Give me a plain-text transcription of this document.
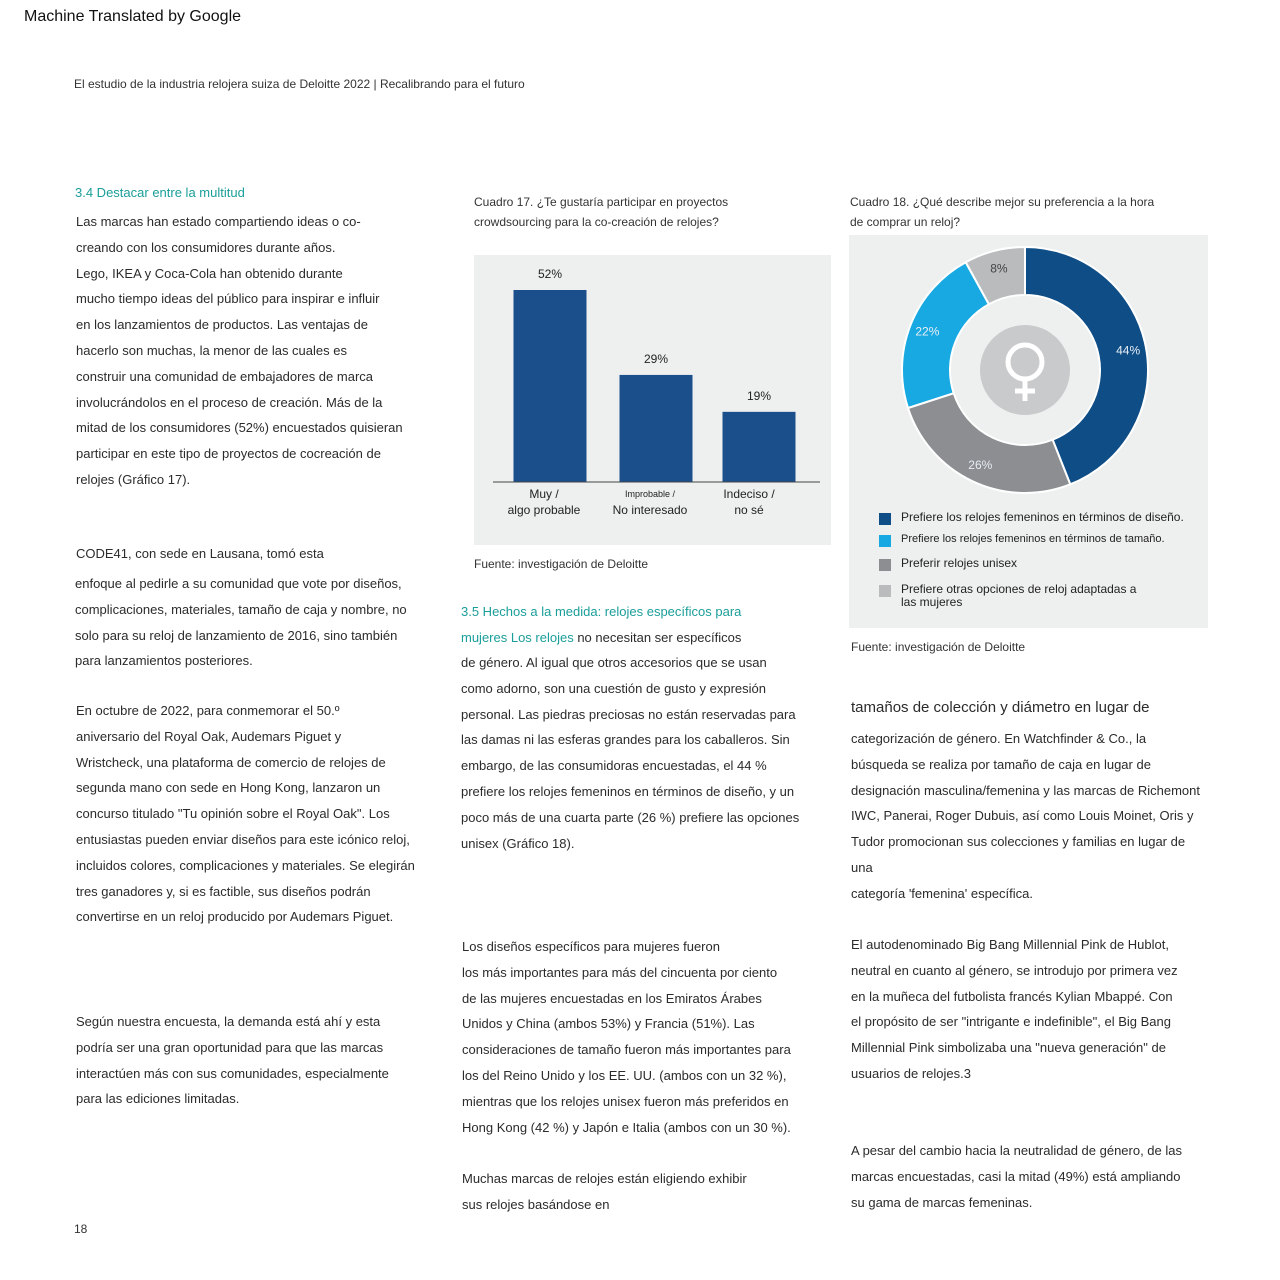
Machine Translated by Google
El estudio de la industria relojera suiza de Deloitte 2022 | Recalibrando para el futuro
3.4 Destacar entre la multitud
Las marcas han estado compartiendo ideas o co-
creando con los consumidores durante años.
Lego, IKEA y Coca-Cola han obtenido durante
mucho tiempo ideas del público para inspirar e influir
en los lanzamientos de productos. Las ventajas de
hacerlo son muchas, la menor de las cuales es
construir una comunidad de embajadores de marca
involucrándolos en el proceso de creación. Más de la
mitad de los consumidores (52%) encuestados quisieran
participar en este tipo de proyectos de cocreación de
relojes (Gráfico 17).
CODE41, con sede en Lausana, tomó esta
enfoque al pedirle a su comunidad que vote por diseños,
complicaciones, materiales, tamaño de caja y nombre, no
solo para su reloj de lanzamiento de 2016, sino también
para lanzamientos posteriores.
En octubre de 2022, para conmemorar el 50.º
aniversario del Royal Oak, Audemars Piguet y
Wristcheck, una plataforma de comercio de relojes de
segunda mano con sede en Hong Kong, lanzaron un
concurso titulado "Tu opinión sobre el Royal Oak". Los
entusiastas pueden enviar diseños para este icónico reloj,
incluidos colores, complicaciones y materiales. Se elegirán
tres ganadores y, si es factible, sus diseños podrán
convertirse en un reloj producido por Audemars Piguet.
Según nuestra encuesta, la demanda está ahí y esta
podría ser una gran oportunidad para que las marcas
interactúen más con sus comunidades, especialmente
para las ediciones limitadas.
Cuadro 17. ¿Te gustaría participar en proyectos
crowdsourcing para la co-creación de relojes?
52%
29%
19%
Muy /
algo probable
Improbable /
No interesado
Indeciso /
no sé
Fuente: investigación de Deloitte
3.5 Hechos a la medida: relojes específicos para
mujeres Los relojes no necesitan ser específicos
de género. Al igual que otros accesorios que se usan
como adorno, son una cuestión de gusto y expresión
personal. Las piedras preciosas no están reservadas para
las damas ni las esferas grandes para los caballeros. Sin
embargo, de las consumidoras encuestadas, el 44 %
prefiere los relojes femeninos en términos de diseño, y un
poco más de una cuarta parte (26 %) prefiere las opciones
unisex (Gráfico 18).
Los diseños específicos para mujeres fueron
los más importantes para más del cincuenta por ciento
de las mujeres encuestadas en los Emiratos Árabes
Unidos y China (ambos 53%) y Francia (51%). Las
consideraciones de tamaño fueron más importantes para
los del Reino Unido y los EE. UU. (ambos con un 32 %),
mientras que los relojes unisex fueron más preferidos en
Hong Kong (42 %) y Japón e Italia (ambos con un 30 %).
Muchas marcas de relojes están eligiendo exhibir
sus relojes basándose en
Cuadro 18. ¿Qué describe mejor su preferencia a la hora
de comprar un reloj?
44%
26%
22%
8%
Prefiere los relojes femeninos en términos de diseño.
Prefiere los relojes femeninos en términos de tamaño.
Preferir relojes unisex
Prefiere otras opciones de reloj adaptadas a
las mujeres
Fuente: investigación de Deloitte
tamaños de colección y diámetro en lugar de
categorización de género. En Watchfinder & Co., la
búsqueda se realiza por tamaño de caja en lugar de
designación masculina/femenina y las marcas de Richemont
IWC, Panerai, Roger Dubuis, así como Louis Moinet, Oris y
Tudor promocionan sus colecciones y familias en lugar de
una
categoría 'femenina' específica.
El autodenominado Big Bang Millennial Pink de Hublot,
neutral en cuanto al género, se introdujo por primera vez
en la muñeca del futbolista francés Kylian Mbappé. Con
el propósito de ser "intrigante e indefinible", el Big Bang
Millennial Pink simbolizaba una "nueva generación" de
usuarios de relojes.3
A pesar del cambio hacia la neutralidad de género, de las
marcas encuestadas, casi la mitad (49%) está ampliando
su gama de marcas femeninas.
18
